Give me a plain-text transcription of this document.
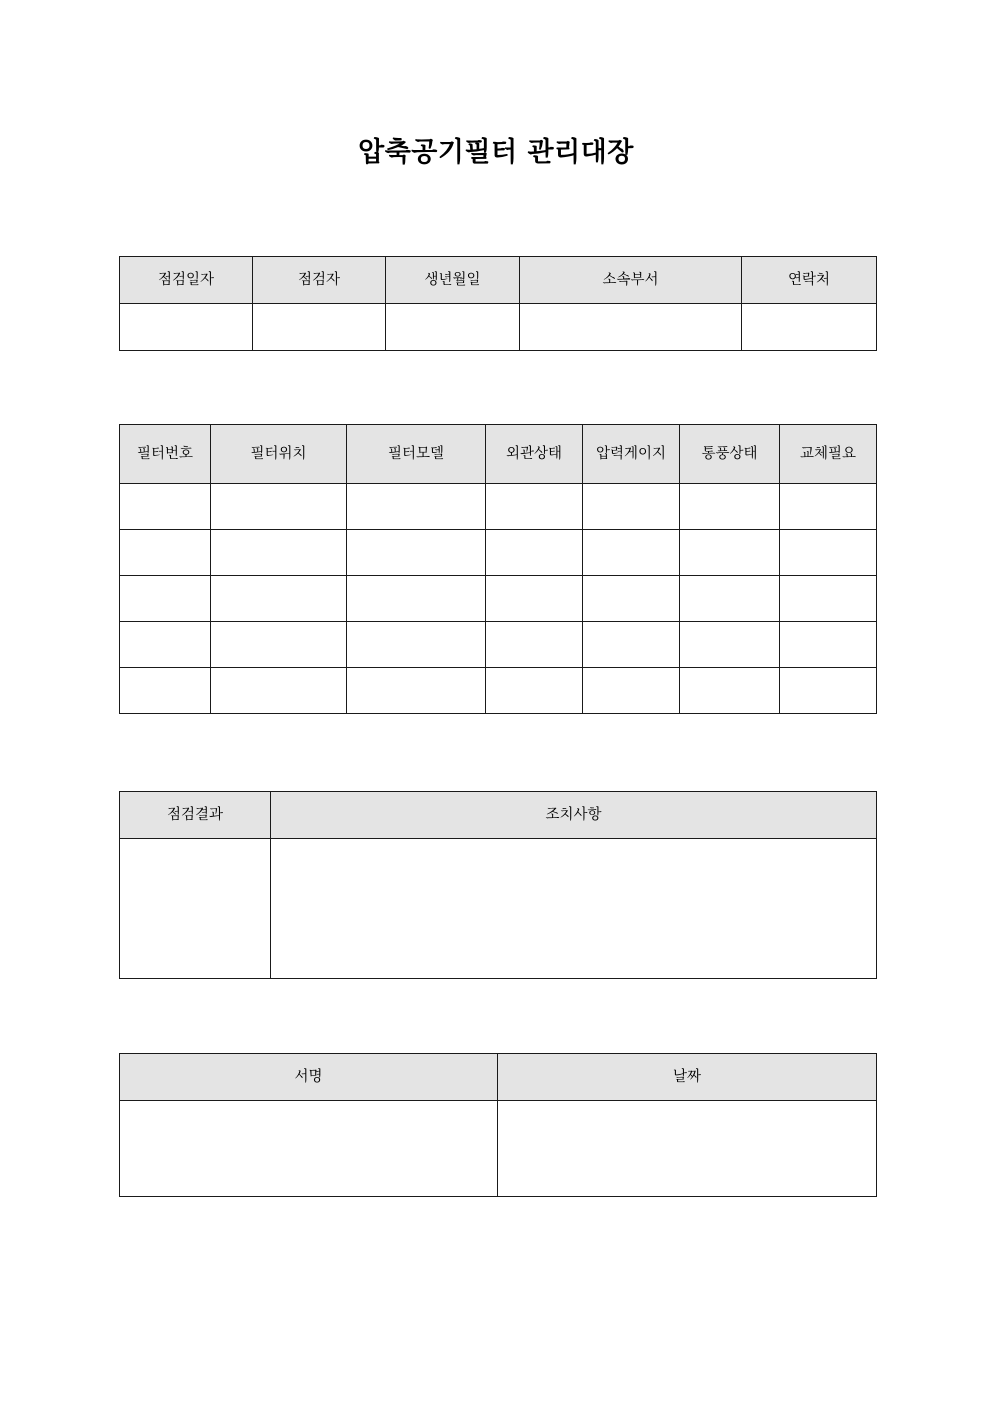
압축공기필터 관리대장
점검일자	점검자	생년월일	소속부서	연락처

필터번호	필터위치	필터모델	외관상태	압력게이지	통풍상태	교체필요

점검결과	조치사항

서명	날짜
